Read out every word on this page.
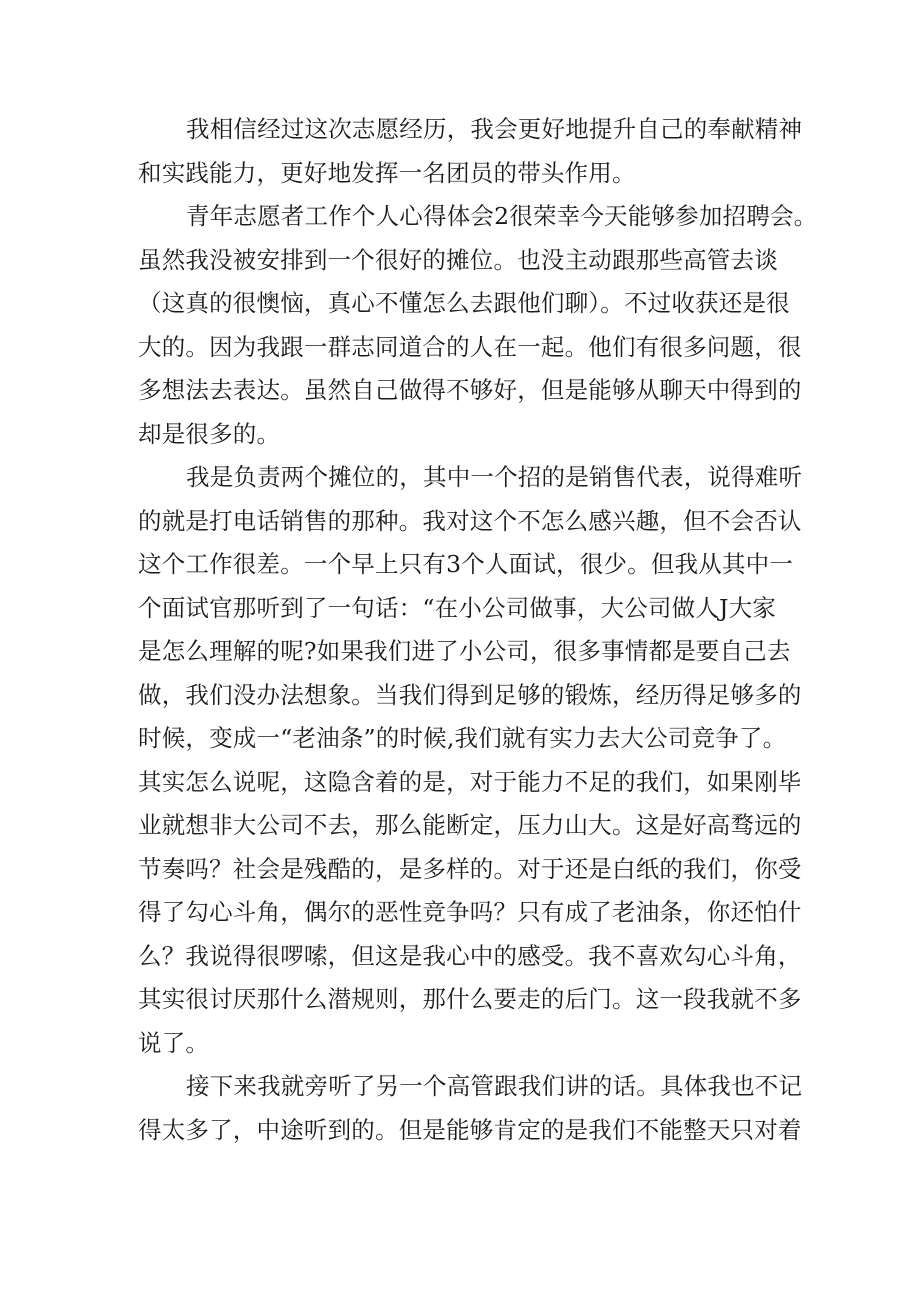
我相信经过这次志愿经历，我会更好地提升自己的奉献精神
和实践能力，更好地发挥一名团员的带头作用。
青年志愿者工作个人心得体会2很荣幸今天能够参加招聘会。
虽然我没被安排到一个很好的摊位。也没主动跟那些高管去谈
（这真的很懊恼，真心不懂怎么去跟他们聊）。不过收获还是很
大的。因为我跟一群志同道合的人在一起。他们有很多问题，很
多想法去表达。虽然自己做得不够好，但是能够从聊天中得到的
却是很多的。
我是负责两个摊位的，其中一个招的是销售代表，说得难听
的就是打电话销售的那种。我对这个不怎么感兴趣，但不会否认
这个工作很差。一个早上只有3个人面试，很少。但我从其中一
个面试官那听到了一句话：“在小公司做事，大公司做人J大家
是怎么理解的呢?如果我们进了小公司，很多事情都是要自己去
做，我们没办法想象。当我们得到足够的锻炼，经历得足够多的
时候，变成一“老油条”的时候,我们就有实力去大公司竞争了。
其实怎么说呢，这隐含着的是，对于能力不足的我们，如果刚毕
业就想非大公司不去，那么能断定，压力山大。这是好高骛远的
节奏吗？社会是残酷的，是多样的。对于还是白纸的我们，你受
得了勾心斗角，偶尔的恶性竞争吗？只有成了老油条，你还怕什
么？我说得很啰嗦，但这是我心中的感受。我不喜欢勾心斗角，
其实很讨厌那什么潜规则，那什么要走的后门。这一段我就不多
说了。
接下来我就旁听了另一个高管跟我们讲的话。具体我也不记
得太多了，中途听到的。但是能够肯定的是我们不能整天只对着
